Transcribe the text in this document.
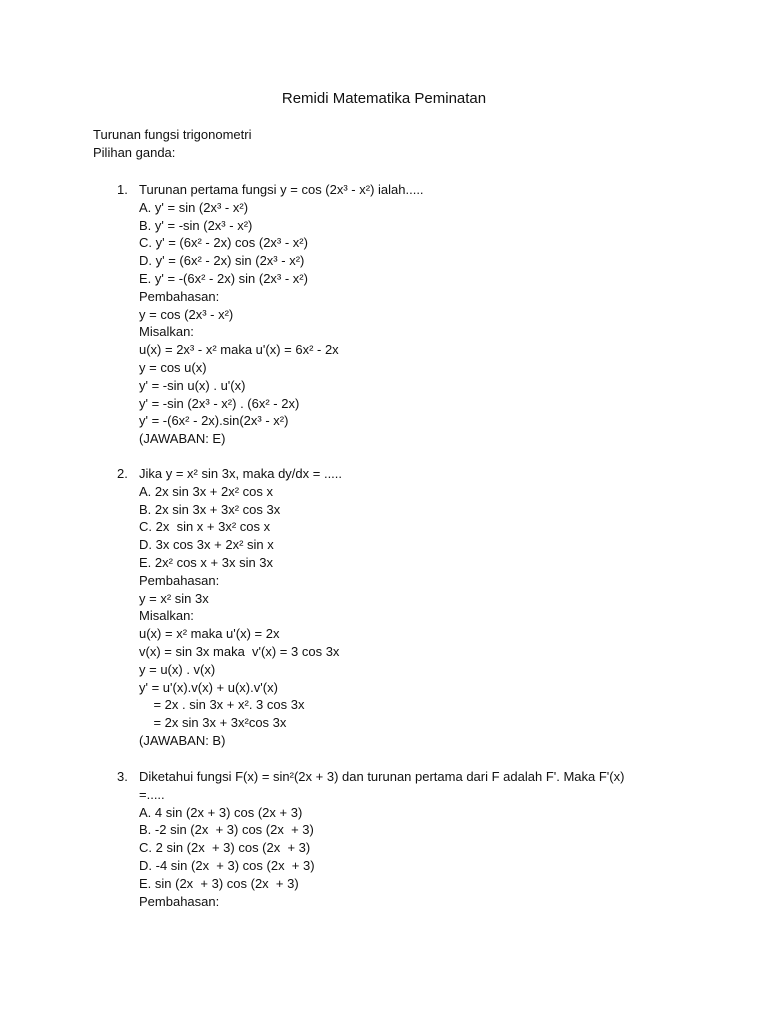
Remidi Matematika Peminatan
Turunan fungsi trigonometri
Pilihan ganda:
1. Turunan pertama fungsi y = cos (2x³ - x²) ialah.....
A. y' = sin (2x³ - x²)
B. y' = -sin (2x³ - x²)
C. y' = (6x² - 2x) cos (2x³ - x²)
D. y' = (6x² - 2x) sin (2x³ - x²)
E. y' = -(6x² - 2x) sin (2x³ - x²)
Pembahasan:
y = cos (2x³ - x²)
Misalkan:
u(x) = 2x³ - x² maka u'(x) = 6x² - 2x
y = cos u(x)
y' = -sin u(x) . u'(x)
y' = -sin (2x³ - x²) . (6x² - 2x)
y' = -(6x² - 2x).sin(2x³ - x²)
(JAWABAN: E)
2. Jika y = x² sin 3x, maka dy/dx = .....
A. 2x sin 3x + 2x² cos x
B. 2x sin 3x + 3x² cos 3x
C. 2x  sin x + 3x² cos x
D. 3x cos 3x + 2x² sin x
E. 2x² cos x + 3x sin 3x
Pembahasan:
y = x² sin 3x
Misalkan:
u(x) = x² maka u'(x) = 2x
v(x) = sin 3x maka  v'(x) = 3 cos 3x
y = u(x) . v(x)
y' = u'(x).v(x) + u(x).v'(x)
= 2x . sin 3x + x². 3 cos 3x
= 2x sin 3x + 3x²cos 3x
(JAWABAN: B)
3. Diketahui fungsi F(x) = sin²(2x + 3) dan turunan pertama dari F adalah F'. Maka F'(x)
=.....
A. 4 sin (2x + 3) cos (2x + 3)
B. -2 sin (2x  + 3) cos (2x  + 3)
C. 2 sin (2x  + 3) cos (2x  + 3)
D. -4 sin (2x  + 3) cos (2x  + 3)
E. sin (2x  + 3) cos (2x  + 3)
Pembahasan:
